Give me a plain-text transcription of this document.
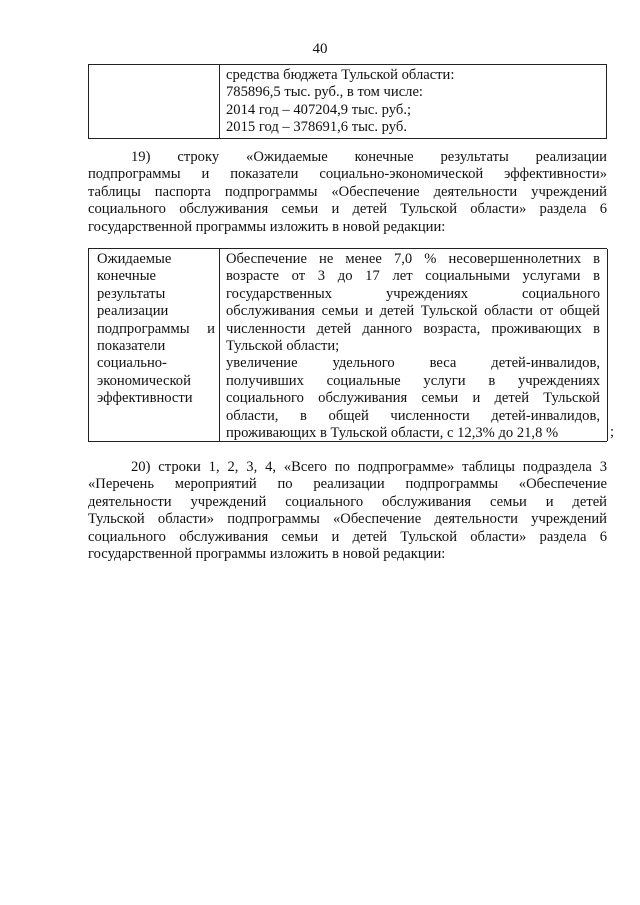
40
средства бюджета Тульской области:
785896,5 тыс. руб., в том числе:
2014 год – 407204,9 тыс. руб.;
2015 год – 378691,6 тыс. руб.
19) строку «Ожидаемые конечные результаты реализации
подпрограммы и показатели социально-экономической эффективности»
таблицы паспорта подпрограммы «Обеспечение деятельности учреждений
социального обслуживания семьи и детей Тульской области» раздела 6
государственной программы изложить в новой редакции:
Ожидаемые
конечные
результаты
реализации
подпрограммы и
показатели
социально-
экономической
эффективности
Обеспечение не менее 7,0 % несовершеннолетних в
возрасте от 3 до 17 лет социальными услугами в
государственных учреждениях социального
обслуживания семьи и детей Тульской области от общей
численности детей данного возраста, проживающих в
Тульской области;
увеличение удельного веса детей-инвалидов,
получивших социальные услуги в учреждениях
социального обслуживания семьи и детей Тульской
области, в общей численности детей-инвалидов,
проживающих в Тульской области, с 12,3% до 21,8 %	;
20) строки 1, 2, 3, 4, «Всего по подпрограмме» таблицы подраздела 3
«Перечень мероприятий по реализации подпрограммы «Обеспечение
деятельности учреждений социального обслуживания семьи и детей
Тульской области» подпрограммы «Обеспечение деятельности учреждений
социального обслуживания семьи и детей Тульской области» раздела 6
государственной программы изложить в новой редакции:
